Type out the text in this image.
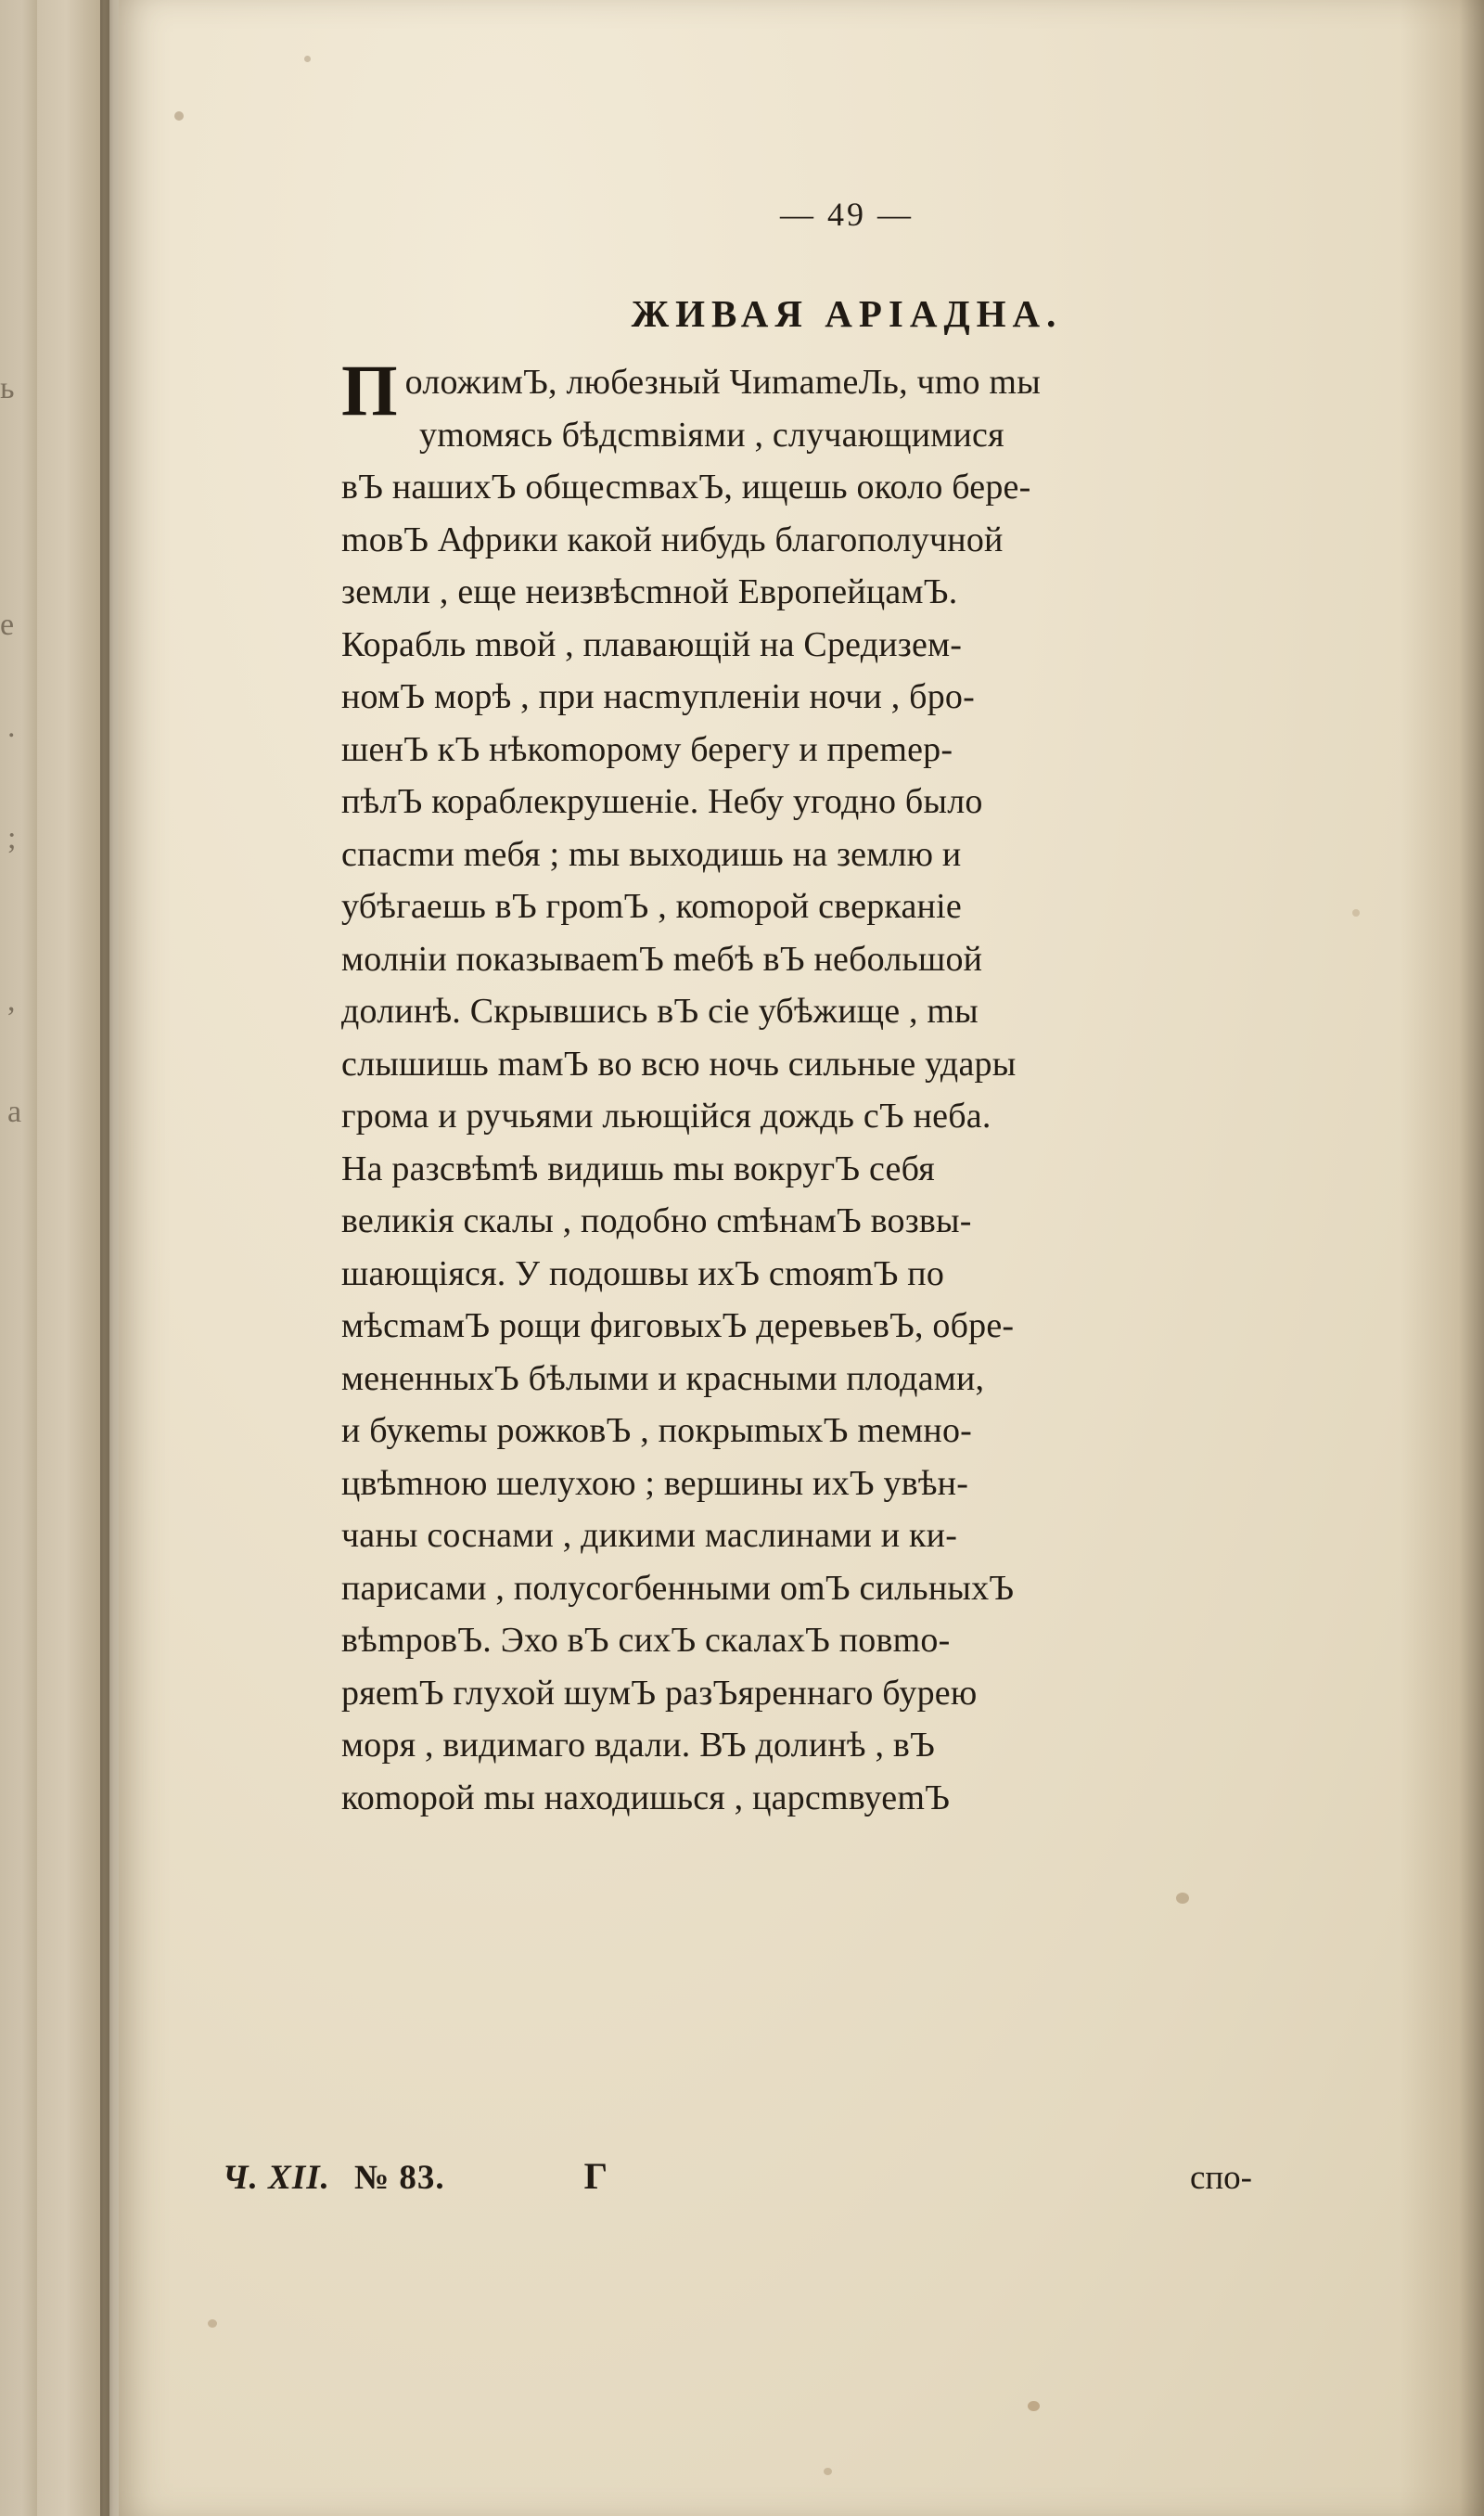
ь
е
.
;
,
а
— 49 —
ЖИВАЯ АРІАДНА.
П оложимЪ, любезный ЧиmаmеЛь, чmо mы
уmомясь бѣдсmвіями , случающимися
вЪ нашихЪ общесmвахЪ, ищешь около бере-
mовЪ Африки какой нибудь благополучной
земли , еще неизвѣсmной ЕвропейцамЪ.
Корабль mвой , плавающій на Средизем-
номЪ морѣ , при насmупленіи ночи , бро-
шенЪ кЪ нѣкоmорому берегу и преmер-
пѣлЪ кораблекрушеніе. Небу угодно было
спасmи mебя ; mы выходишь на землю и
убѣгаешь вЪ гроmЪ , коmорой сверканіе
молніи показываеmЪ mебѣ вЪ небольшой
долинѣ. Скрывшись вЪ сіе убѣжище , mы
слышишь mамЪ во всю ночь сильные удары
грома и ручьями льющійся дождь сЪ неба.
На разсвѣmѣ видишь mы вокругЪ себя
великія скалы , подобно сmѣнамЪ возвы-
шающіяся. У подошвы ихЪ сmояmЪ по
мѣсmамЪ рощи фиговыхЪ деревьевЪ, обре-
мененныхЪ бѣлыми и красными плодами,
и букеmы рожковЪ , покрыmыхЪ mемно-
цвѣmною шелухою ; вершины ихЪ увѣн-
чаны соснами , дикими маслинами и ки-
парисами , полусогбенными оmЪ сильныхЪ
вѣmровЪ. Эхо вЪ сихЪ скалахЪ повmо-
ряеmЪ глухой шумЪ разЪяреннаго бурею
моря , видимаго вдали. ВЪ долинѣ , вЪ
коmорой mы находишься , царсmвуеmЪ
Ч. XII. № 83.	Г	спо-
